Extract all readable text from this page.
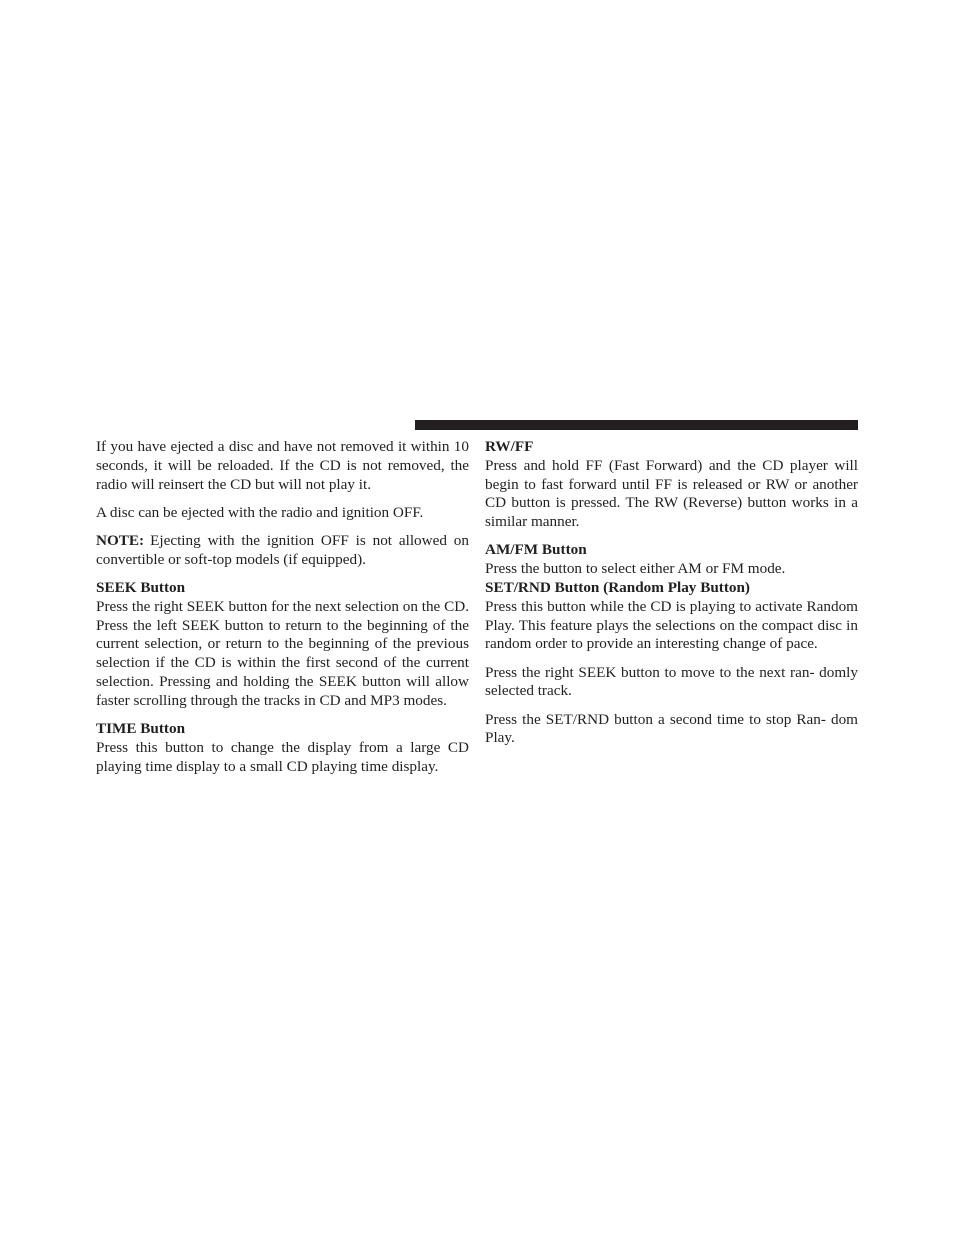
If you have ejected a disc and have not removed it within 10 seconds, it will be reloaded. If the CD is not removed, the radio will reinsert the CD but will not play it.

A disc can be ejected with the radio and ignition OFF.

NOTE: Ejecting with the ignition OFF is not allowed on convertible or soft-top models (if equipped).

SEEK Button

Press the right SEEK button for the next selection on the CD. Press the left SEEK button to return to the beginning of the current selection, or return to the beginning of the previous selection if the CD is within the first second of the current selection. Pressing and holding the SEEK button will allow faster scrolling through the tracks in CD and MP3 modes.

TIME Button

Press this button to change the display from a large CD playing time display to a small CD playing time display.

RW/FF

Press and hold FF (Fast Forward) and the CD player will begin to fast forward until FF is released or RW or another CD button is pressed. The RW (Reverse) button works in a similar manner.

AM/FM Button

Press the button to select either AM or FM mode.

SET/RND Button (Random Play Button)

Press this button while the CD is playing to activate Random Play. This feature plays the selections on the compact disc in random order to provide an interesting change of pace.

Press the right SEEK button to move to the next ran- domly selected track.

Press the SET/RND button a second time to stop Ran- dom Play.
